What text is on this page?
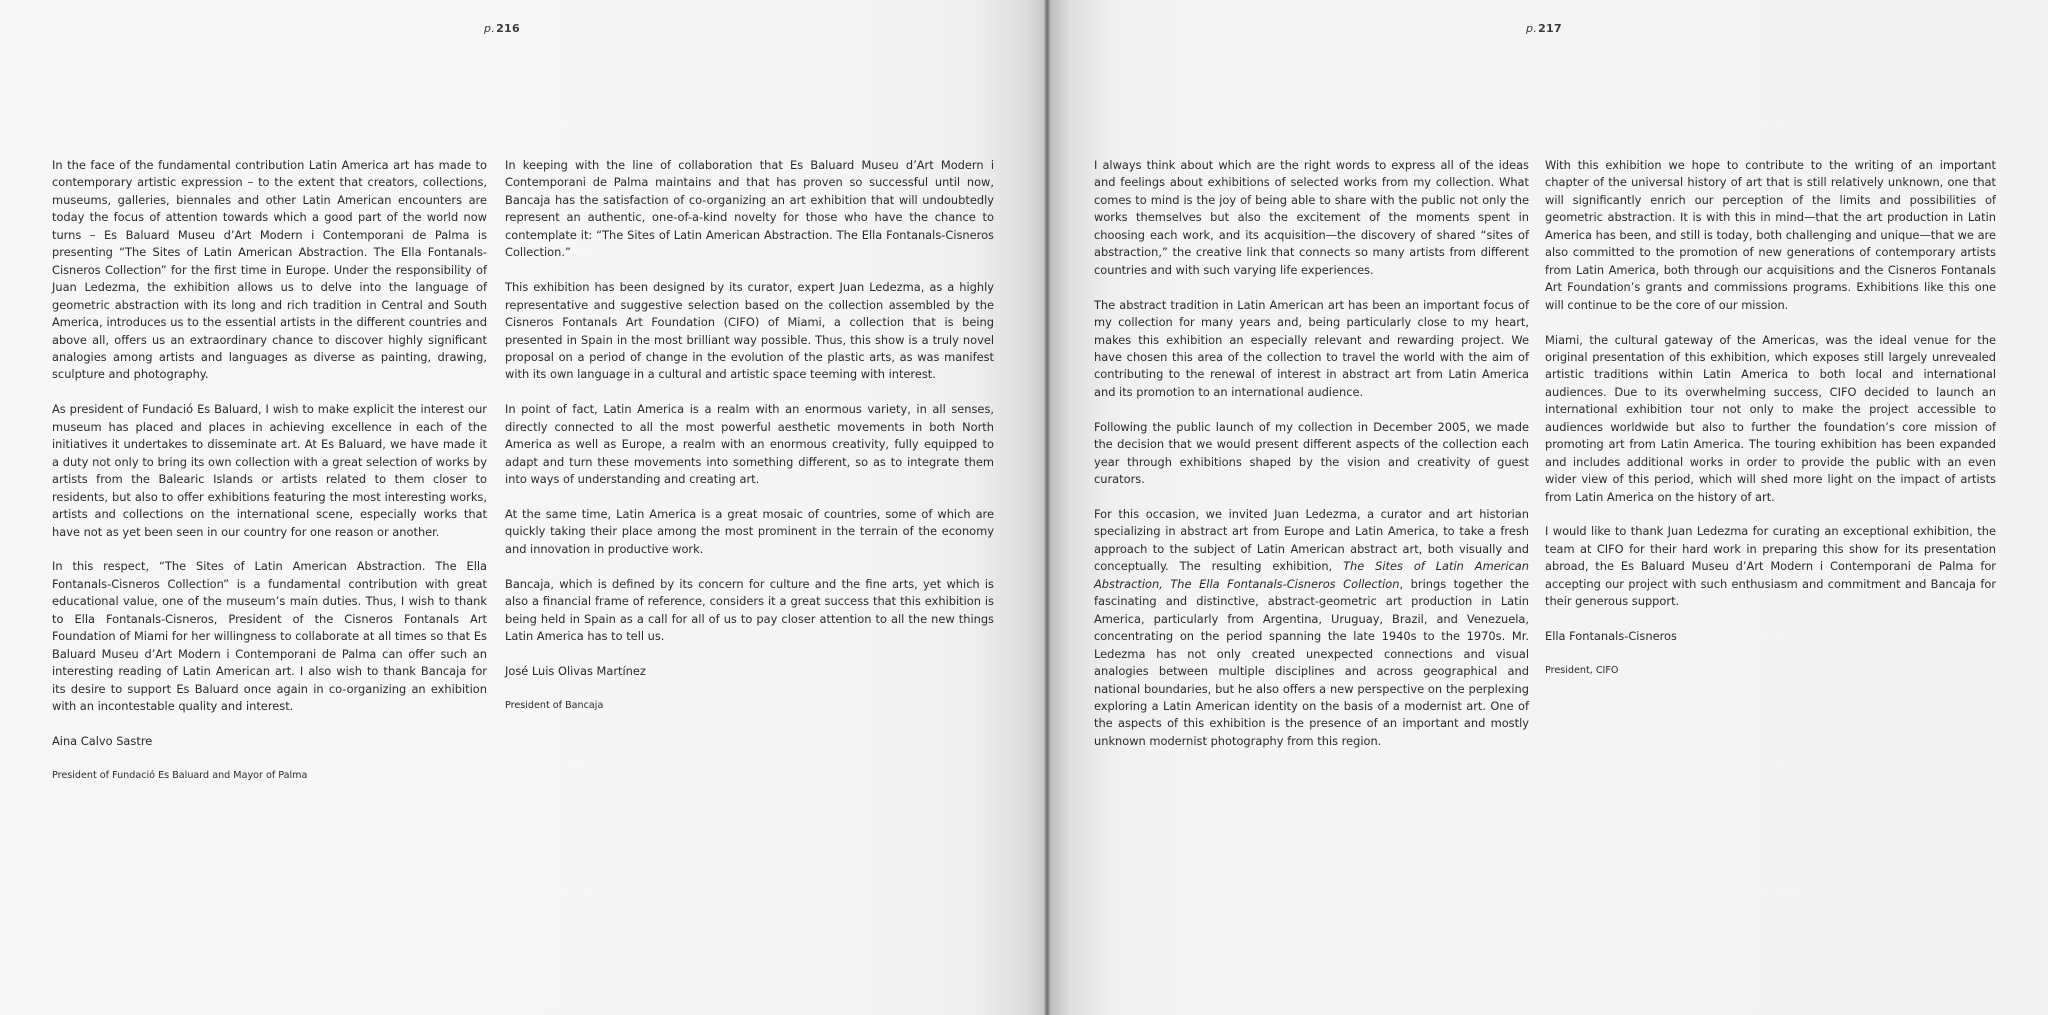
p.216

In the face of the fundamental contribution Latin America art has made to contemporary artistic expression – to the extent that creators, collections, museums, galleries, biennales and other Latin American encounters are today the focus of attention towards which a good part of the world now turns – Es Baluard Museu d’Art Modern i Contemporani de Palma is presenting “The Sites of Latin American Abstraction. The Ella Fontanals-Cisneros Collection” for the first time in Europe. Under the responsibility of Juan Ledezma, the exhibition allows us to delve into the language of geometric abstraction with its long and rich tradition in Central and South America, introduces us to the essential artists in the different countries and above all, offers us an extraordinary chance to discover highly significant analogies among artists and languages as diverse as painting, drawing, sculpture and photography.

As president of Fundació Es Baluard, I wish to make explicit the interest our museum has placed and places in achieving excellence in each of the initiatives it undertakes to disseminate art. At Es Baluard, we have made it a duty not only to bring its own collection with a great selection of works by artists from the Balearic Islands or artists related to them closer to residents, but also to offer exhibitions featuring the most interesting works, artists and collections on the international scene, especially works that have not as yet been seen in our country for one reason or another.

In this respect, “The Sites of Latin American Abstraction. The Ella Fontanals-Cisneros Collection” is a fundamental contribution with great educational value, one of the museum’s main duties. Thus, I wish to thank to Ella Fontanals-Cisneros, President of the Cisneros Fontanals Art Foundation of Miami for her willingness to collaborate at all times so that Es Baluard Museu d’Art Modern i Contemporani de Palma can offer such an interesting reading of Latin American art. I also wish to thank Bancaja for its desire to support Es Baluard once again in co-organizing an exhibition with an incontestable quality and interest.

Aina Calvo Sastre

President of Fundació Es Baluard and Mayor of Palma

In keeping with the line of collaboration that Es Baluard Museu d’Art Modern i Contemporani de Palma maintains and that has proven so successful until now, Bancaja has the satisfaction of co-organizing an art exhibition that will undoubtedly represent an authentic, one-of-a-kind novelty for those who have the chance to contemplate it: “The Sites of Latin American Abstraction. The Ella Fontanals-Cisneros Collection.”

This exhibition has been designed by its curator, expert Juan Ledezma, as a highly representative and suggestive selection based on the collection assembled by the Cisneros Fontanals Art Foundation (CIFO) of Miami, a collection that is being presented in Spain in the most brilliant way possible. Thus, this show is a truly novel proposal on a period of change in the evolution of the plastic arts, as was manifest with its own language in a cultural and artistic space teeming with interest.

In point of fact, Latin America is a realm with an enormous variety, in all senses, directly connected to all the most powerful aesthetic movements in both North America as well as Europe, a realm with an enormous creativity, fully equipped to adapt and turn these movements into something different, so as to integrate them into ways of understanding and creating art.

At the same time, Latin America is a great mosaic of countries, some of which are quickly taking their place among the most prominent in the terrain of the economy and innovation in productive work.

Bancaja, which is defined by its concern for culture and the fine arts, yet which is also a financial frame of reference, considers it a great success that this exhibition is being held in Spain as a call for all of us to pay closer attention to all the new things Latin America has to tell us.

José Luis Olivas Martínez

President of Bancaja

p.217

I always think about which are the right words to express all of the ideas and feelings about exhibitions of selected works from my collection. What comes to mind is the joy of being able to share with the public not only the works themselves but also the excitement of the moments spent in choosing each work, and its acquisition—the discovery of shared “sites of abstraction,” the creative link that connects so many artists from different countries and with such varying life experiences.

The abstract tradition in Latin American art has been an important focus of my collection for many years and, being particularly close to my heart, makes this exhibition an especially relevant and rewarding project. We have chosen this area of the collection to travel the world with the aim of contributing to the renewal of interest in abstract art from Latin America and its promotion to an international audience.

Following the public launch of my collection in December 2005, we made the decision that we would present different aspects of the collection each year through exhibitions shaped by the vision and creativity of guest curators.

For this occasion, we invited Juan Ledezma, a curator and art historian specializing in abstract art from Europe and Latin America, to take a fresh approach to the subject of Latin American abstract art, both visually and conceptually. The resulting exhibition, The Sites of Latin American Abstraction, The Ella Fontanals-Cisneros Collection, brings together the fascinating and distinctive, abstract-geometric art production in Latin America, particularly from Argentina, Uruguay, Brazil, and Venezuela, concentrating on the period spanning the late 1940s to the 1970s. Mr. Ledezma has not only created unexpected connections and visual analogies between multiple disciplines and across geographical and national boundaries, but he also offers a new perspective on the perplexing exploring a Latin American identity on the basis of a modernist art. One of the aspects of this exhibition is the presence of an important and mostly unknown modernist photography from this region.

With this exhibition we hope to contribute to the writing of an important chapter of the universal history of art that is still relatively unknown, one that will significantly enrich our perception of the limits and possibilities of geometric abstraction. It is with this in mind—that the art production in Latin America has been, and still is today, both challenging and unique—that we are also committed to the promotion of new generations of contemporary artists from Latin America, both through our acquisitions and the Cisneros Fontanals Art Foundation’s grants and commissions programs. Exhibitions like this one will continue to be the core of our mission.

Miami, the cultural gateway of the Americas, was the ideal venue for the original presentation of this exhibition, which exposes still largely unrevealed artistic traditions within Latin America to both local and international audiences. Due to its overwhelming success, CIFO decided to launch an international exhibition tour not only to make the project accessible to audiences worldwide but also to further the foundation’s core mission of promoting art from Latin America. The touring exhibition has been expanded and includes additional works in order to provide the public with an even wider view of this period, which will shed more light on the impact of artists from Latin America on the history of art.

I would like to thank Juan Ledezma for curating an exceptional exhibition, the team at CIFO for their hard work in preparing this show for its presentation abroad, the Es Baluard Museu d’Art Modern i Contemporani de Palma for accepting our project with such enthusiasm and commitment and Bancaja for their generous support.

Ella Fontanals-Cisneros

President, CIFO
